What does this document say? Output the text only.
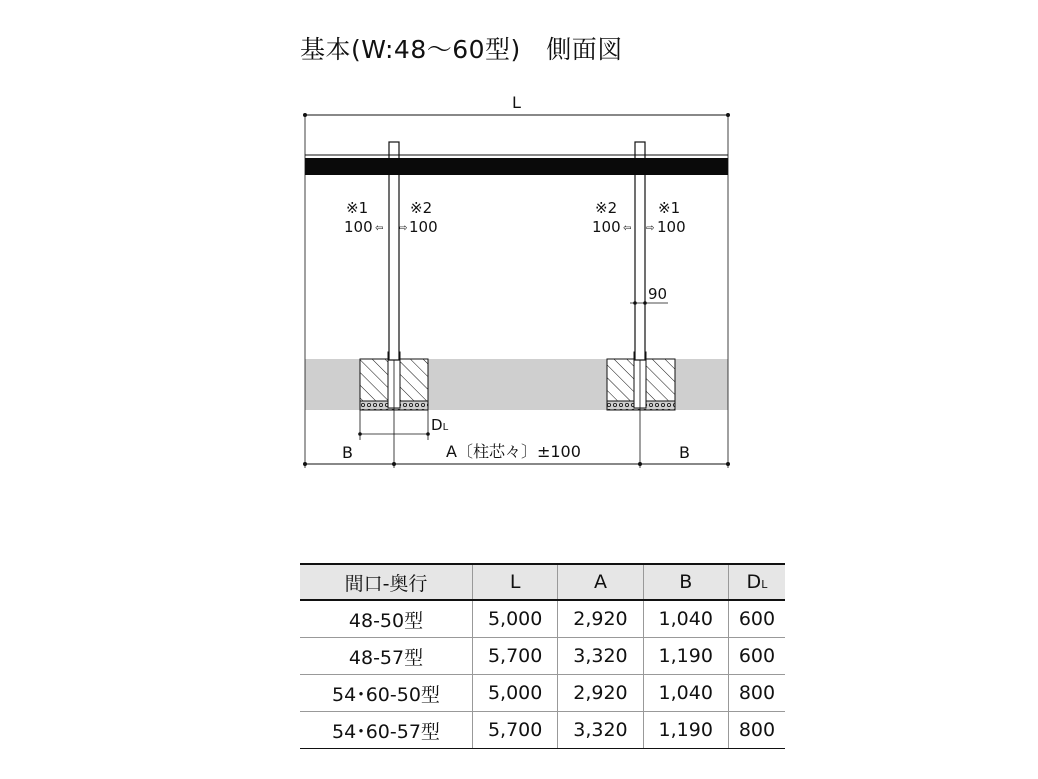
基本(W:48〜60型)　側面図
L
※1	※2
100 100
⇦ ⇨
※2	※1
100 100
⇦ ⇨
90
DL
B	A〔柱芯々〕±100	B
間口-奥行	L	A	B	DL
48-50型	5,000	2,920	1,040	600
48-57型	5,700	3,320	1,190	600
54･60-50型	5,000	2,920	1,040	800
54･60-57型	5,700	3,320	1,190	800
